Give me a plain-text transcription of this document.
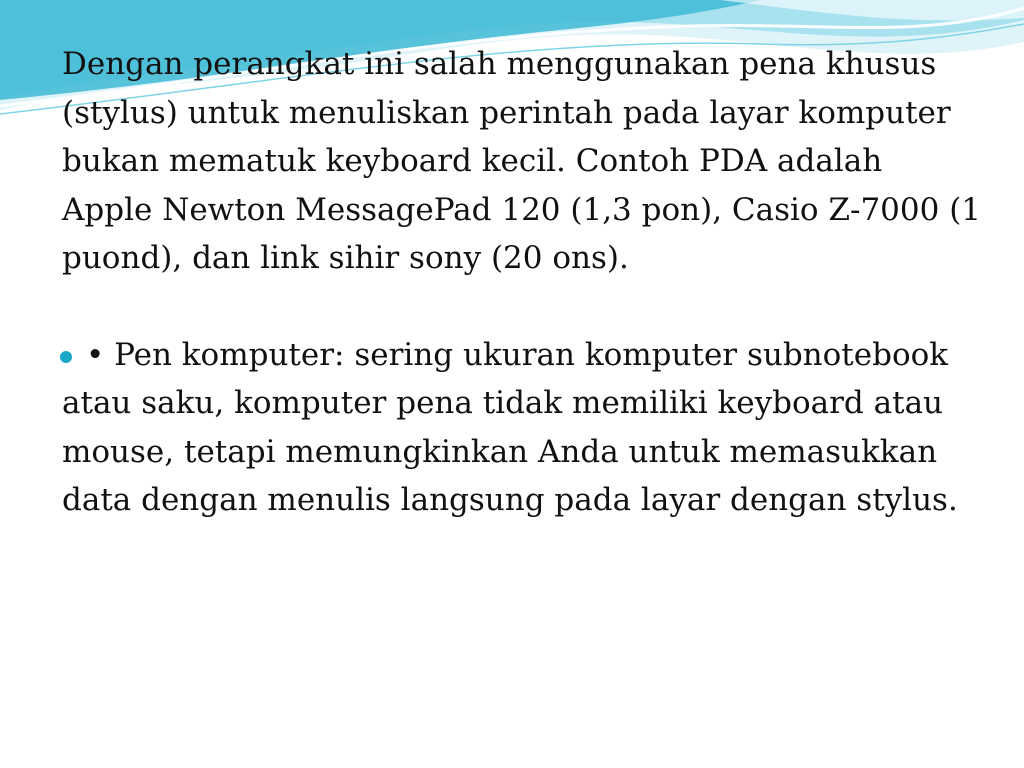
Dengan perangkat ini salah menggunakan pena khusus (stylus) untuk menuliskan perintah pada layar komputer bukan mematuk keyboard kecil. Contoh PDA adalah Apple Newton MessagePad 120 (1,3 pon), Casio Z-7000 (1 puond), dan link sihir sony (20 ons).

• Pen komputer: sering ukuran komputer subnotebook atau saku, komputer pena tidak memiliki keyboard atau mouse, tetapi memungkinkan Anda untuk memasukkan data dengan menulis langsung pada layar dengan stylus.
